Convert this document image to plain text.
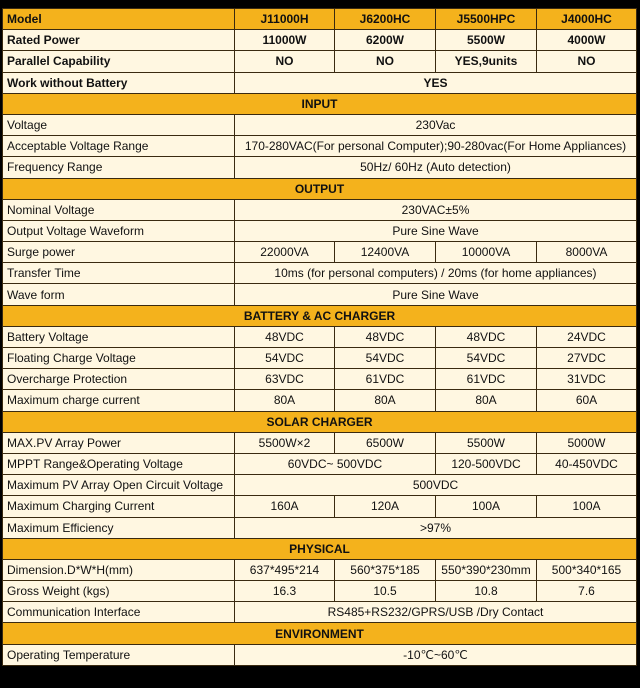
Model	J11000H	J6200HC	J5500HPC	J4000HC
Rated Power	11000W	6200W	5500W	4000W
Parallel Capability	NO	NO	YES,9units	NO
Work without Battery	YES			
INPUT				
Voltage	230Vac			
Acceptable Voltage Range	170-280VAC(For personal Computer);90-280vac(For Home Appliances)			
Frequency Range	50Hz/ 60Hz (Auto detection)			
OUTPUT				
Nominal Voltage	230VAC±5%			
Output Voltage Waveform	Pure Sine Wave			
Surge power	22000VA	12400VA	10000VA	8000VA
Transfer Time	10ms (for personal computers) / 20ms (for home appliances)			
Wave form	Pure Sine Wave			
BATTERY & AC CHARGER				
Battery Voltage	48VDC	48VDC	48VDC	24VDC
Floating Charge Voltage	54VDC	54VDC	54VDC	27VDC
Overcharge Protection	63VDC	61VDC	61VDC	31VDC
Maximum charge current	80A	80A	80A	60A
SOLAR CHARGER				
MAX.PV Array Power	5500W×2	6500W	5500W	5000W
MPPT Range&Operating Voltage	60VDC~ 500VDC		120-500VDC	40-450VDC
Maximum PV Array Open Circuit Voltage	500VDC			
Maximum Charging Current	160A	120A	100A	100A
Maximum Efficiency	>97%			
PHYSICAL				
Dimension.D*W*H(mm)	637*495*214	560*375*185	550*390*230mm	500*340*165
Gross Weight (kgs)	16.3	10.5	10.8	7.6
Communication Interface	RS485+RS232/GPRS/USB /Dry Contact			
ENVIRONMENT				
Operating Temperature	-10℃~60℃			
